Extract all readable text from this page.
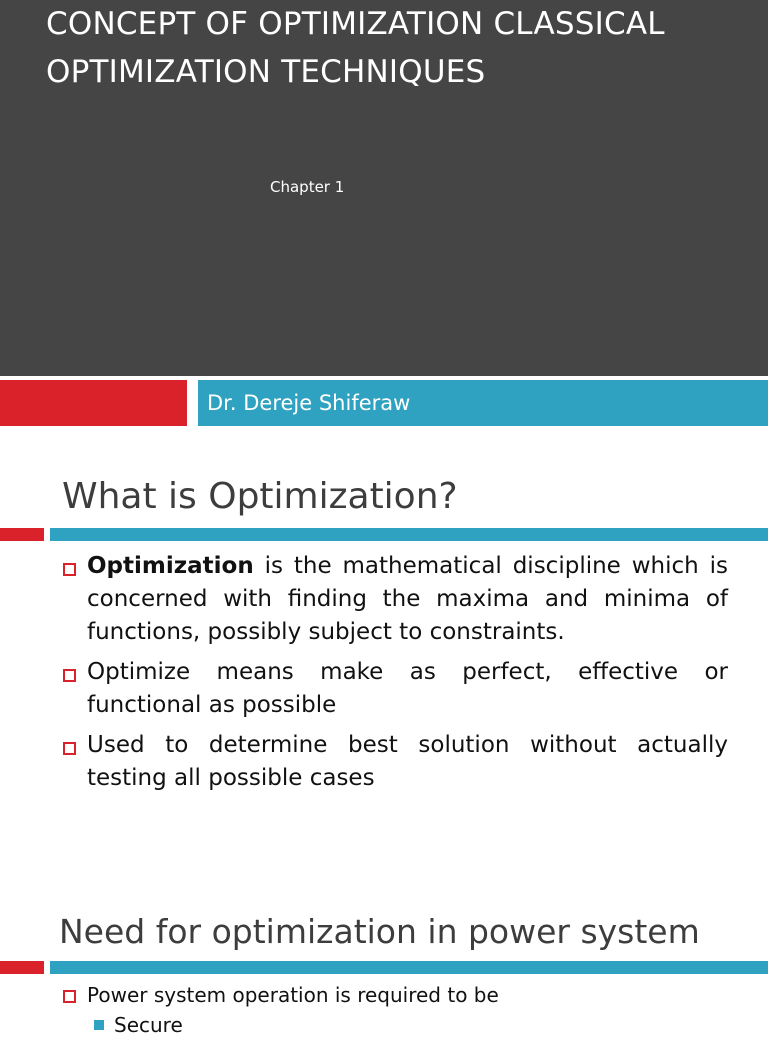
CONCEPT OF OPTIMIZATION CLASSICAL OPTIMIZATION TECHNIQUES
Chapter 1
Dr. Dereje Shiferaw
What is Optimization?
Optimization is the mathematical discipline which is concerned with finding the maxima and minima of functions, possibly subject to constraints.
Optimize means make as perfect, effective or functional as possible
Used to determine best solution without actually testing all possible cases
Need for optimization in power system
Power system operation is required to be
Secure
